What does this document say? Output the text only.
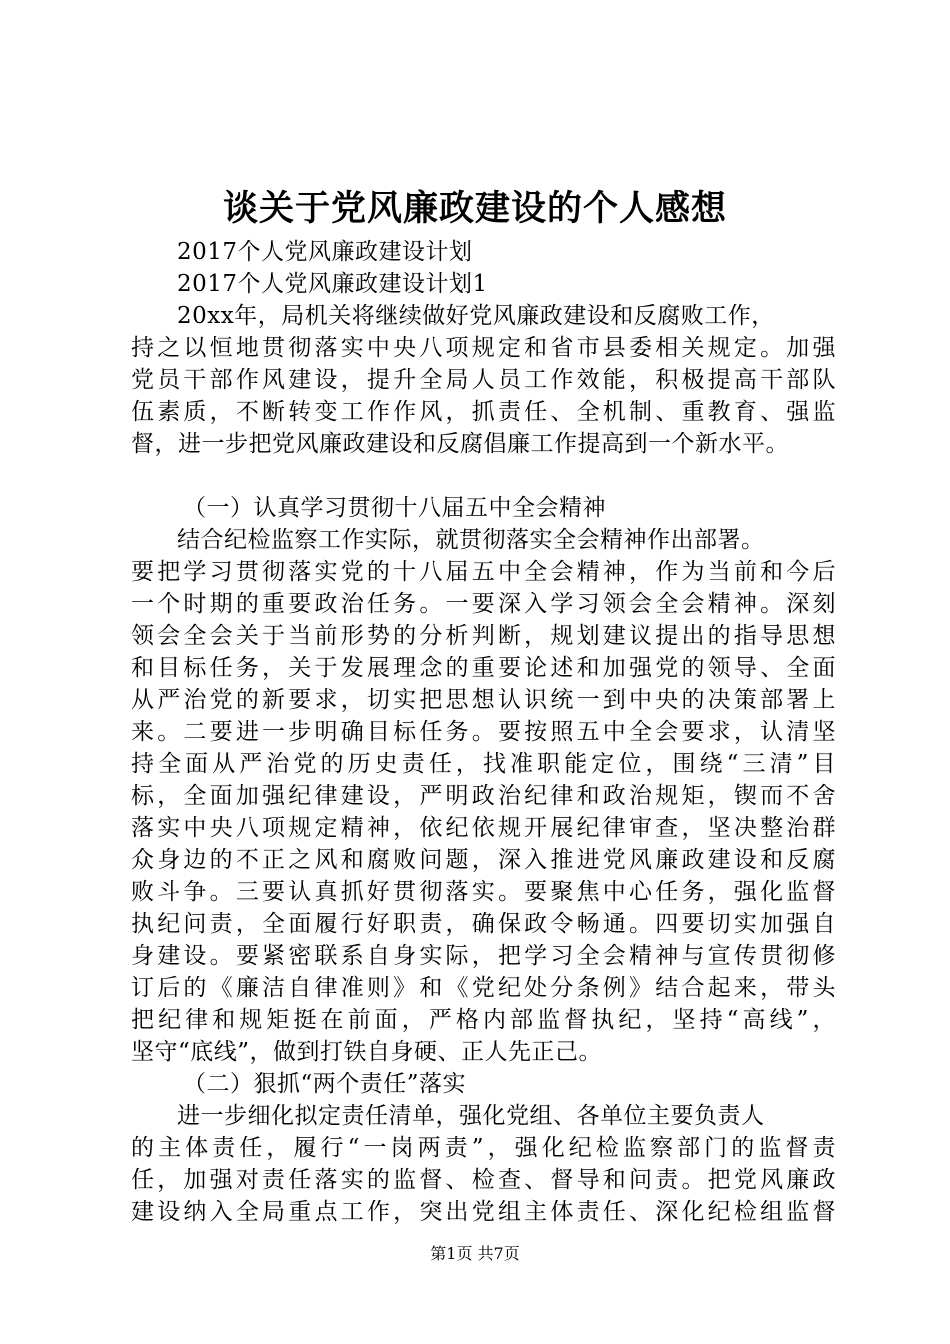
谈关于党风廉政建设的个人感想
2017个人党风廉政建设计划
2017个人党风廉政建设计划1
20xx年，局机关将继续做好党风廉政建设和反腐败工作，
持之以恒地贯彻落实中央八项规定和省市县委相关规定。加强
党员干部作风建设，提升全局人员工作效能，积极提高干部队
伍素质，不断转变工作作风，抓责任、全机制、重教育、强监
督，进一步把党风廉政建设和反腐倡廉工作提高到一个新水平。
（一）认真学习贯彻十八届五中全会精神
结合纪检监察工作实际，就贯彻落实全会精神作出部署。
要把学习贯彻落实党的十八届五中全会精神，作为当前和今后
一个时期的重要政治任务。一要深入学习领会全会精神。深刻
领会全会关于当前形势的分析判断，规划建议提出的指导思想
和目标任务，关于发展理念的重要论述和加强党的领导、全面
从严治党的新要求，切实把思想认识统一到中央的决策部署上
来。二要进一步明确目标任务。要按照五中全会要求，认清坚
持全面从严治党的历史责任，找准职能定位，围绕“三清”目
标，全面加强纪律建设，严明政治纪律和政治规矩，锲而不舍
落实中央八项规定精神，依纪依规开展纪律审查，坚决整治群
众身边的不正之风和腐败问题，深入推进党风廉政建设和反腐
败斗争。三要认真抓好贯彻落实。要聚焦中心任务，强化监督
执纪问责，全面履行好职责，确保政令畅通。四要切实加强自
身建设。要紧密联系自身实际，把学习全会精神与宣传贯彻修
订后的《廉洁自律准则》和《党纪处分条例》结合起来，带头
把纪律和规矩挺在前面，严格内部监督执纪，坚持“高线”，
坚守“底线”，做到打铁自身硬、正人先正己。
（二）狠抓“两个责任”落实
进一步细化拟定责任清单，强化党组、各单位主要负责人
的主体责任，履行“一岗两责”，强化纪检监察部门的监督责
任，加强对责任落实的监督、检查、督导和问责。把党风廉政
建设纳入全局重点工作，突出党组主体责任、深化纪检组监督
第1页 共7页
